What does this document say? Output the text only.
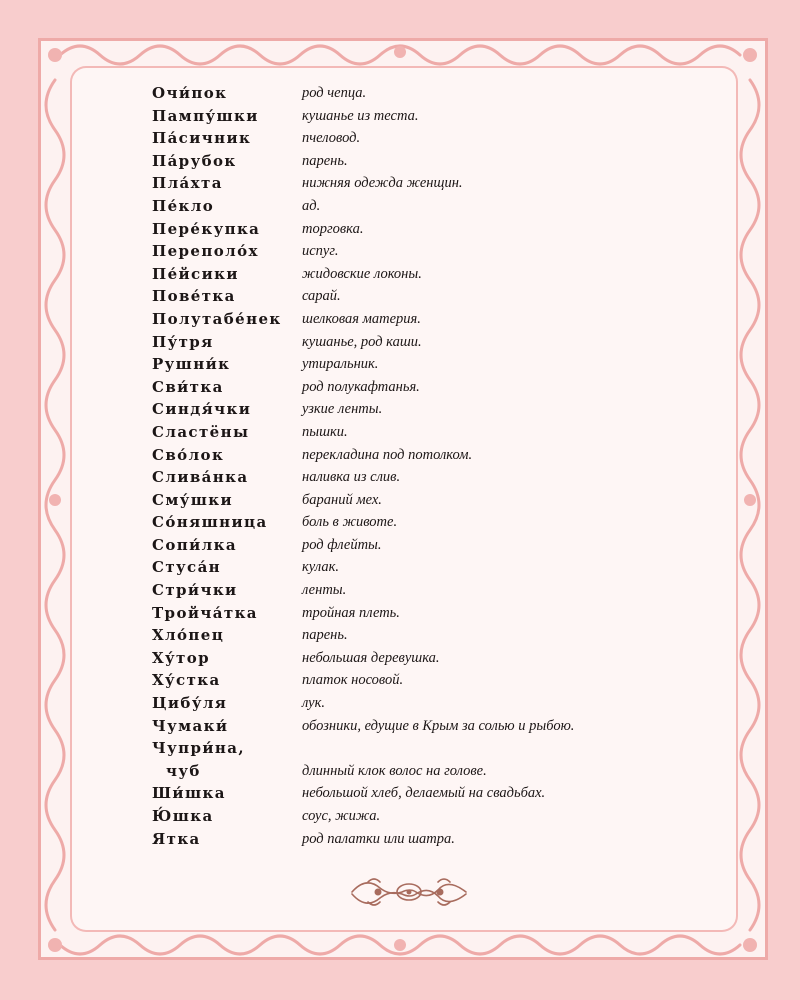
Очи́пок	род чепца.
Пампу́шки	кушанье из теста.
Па́сичник	пчеловод.
Па́рубок	парень.
Пла́хта	нижняя одежда женщин.
Пе́кло	ад.
Пере́купка	торговка.
Переполо́х	испуг.
Пе́йсики	жидовские локоны.
Пове́тка	сарай.
Полутабе́нек	шелковая материя.
Пу́тря	кушанье, род каши.
Рушни́к	утиральник.
Сви́тка	род полукафтанья.
Синдя́чки	узкие ленты.
Сластёны	пышки.
Сво́лок	перекладина под потолком.
Слива́нка	наливка из слив.
Сму́шки	бараний мех.
Со́няшница	боль в животе.
Сопи́лка	род флейты.
Стуса́н	кулак.
Стри́чки	ленты.
Тройча́тка	тройная плеть.
Хло́пец	парень.
Ху́тор	небольшая деревушка.
Ху́стка	платок носовой.
Цибу́ля	лук.
Чумаки́	обозники, едущие в Крым за солью и рыбою.
Чупри́на,
чуб	длинный клок волос на голове.
Ши́шка	небольшой хлеб, делаемый на свадьбах.
Ю́шка	соус, жижа.
Ятка	род палатки или шатра.
